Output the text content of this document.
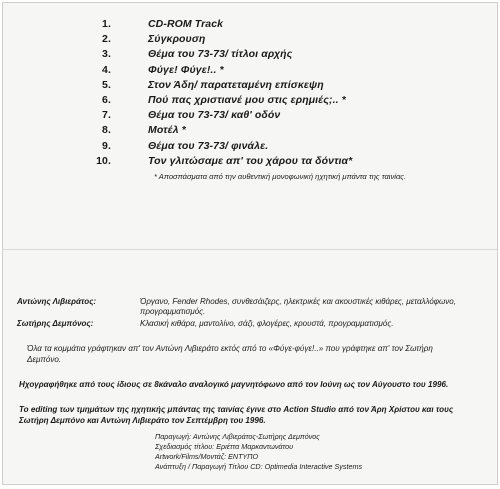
1.	CD-ROM Track
2.	Σύγκρουση
3.	Θέμα του 73-73/ τίτλοι αρχής
4.	Φύγε! Φύγε!.. *
5.	Στον Άδη/ παρατεταμένη επίσκεψη
6.	Πού πας χριστιανέ μου στις ερημιές;.. *
7.	Θέμα του 73-73/ καθ' οδόν
8.	Μοτέλ *
9.	Θέμα του 73-73/ φινάλε.
10.	Τον γλιτώσαμε απ' του χάρου τα δόντια*
* Αποσπάσματα από την αυθεντική μονοφωνική ηχητική μπάντα της ταινίας.
Αντώνης Λιβιεράτος:	Όργανο, Fender Rhodes, συνθεσάιζερς, ηλεκτρικές και ακουστικές κιθάρες, μεταλλόφωνο, προγραμματισμός.
Σωτήρης Δεμπόνος:	Κλασική κιθάρα, μαντολίνο, σάζι, φλογέρες, κρουστά, προγραμματισμός.
Όλα τα κομμάτια γράφτηκαν απ' τον Αντώνη Λιβιεράτο εκτός από το «Φύγε-φύγε!..» που γράφτηκε απ' τον Σωτήρη Δεμπόνο.
Ηχογραφήθηκε από τους ίδιους σε 8κάναλο αναλογικό μαγνητόφωνο από τον Ιούνη ως τον Αύγουστο του 1996.
Το editing των τμημάτων της ηχητικής μπάντας της ταινίας έγινε στο Action Studio από τον Άρη Χρίστου και τους Σωτήρη Δεμπόνο και Αντώνη Λιβιεράτο τον Σεπτέμβρη του 1996.
Παραγωγή: Αντώνης Λιβιεράτος-Σωτήρης Δεμπόνος
Σχεδιασμός τίτλου: Εριέττα Μαρκαντωνάτου
Artwork/Films/Μοντάζ: ΕΝΤΥΠΟ
Ανάπτυξη / Παραγωγή Τίτλου CD: Optimedia Interactive Systems
